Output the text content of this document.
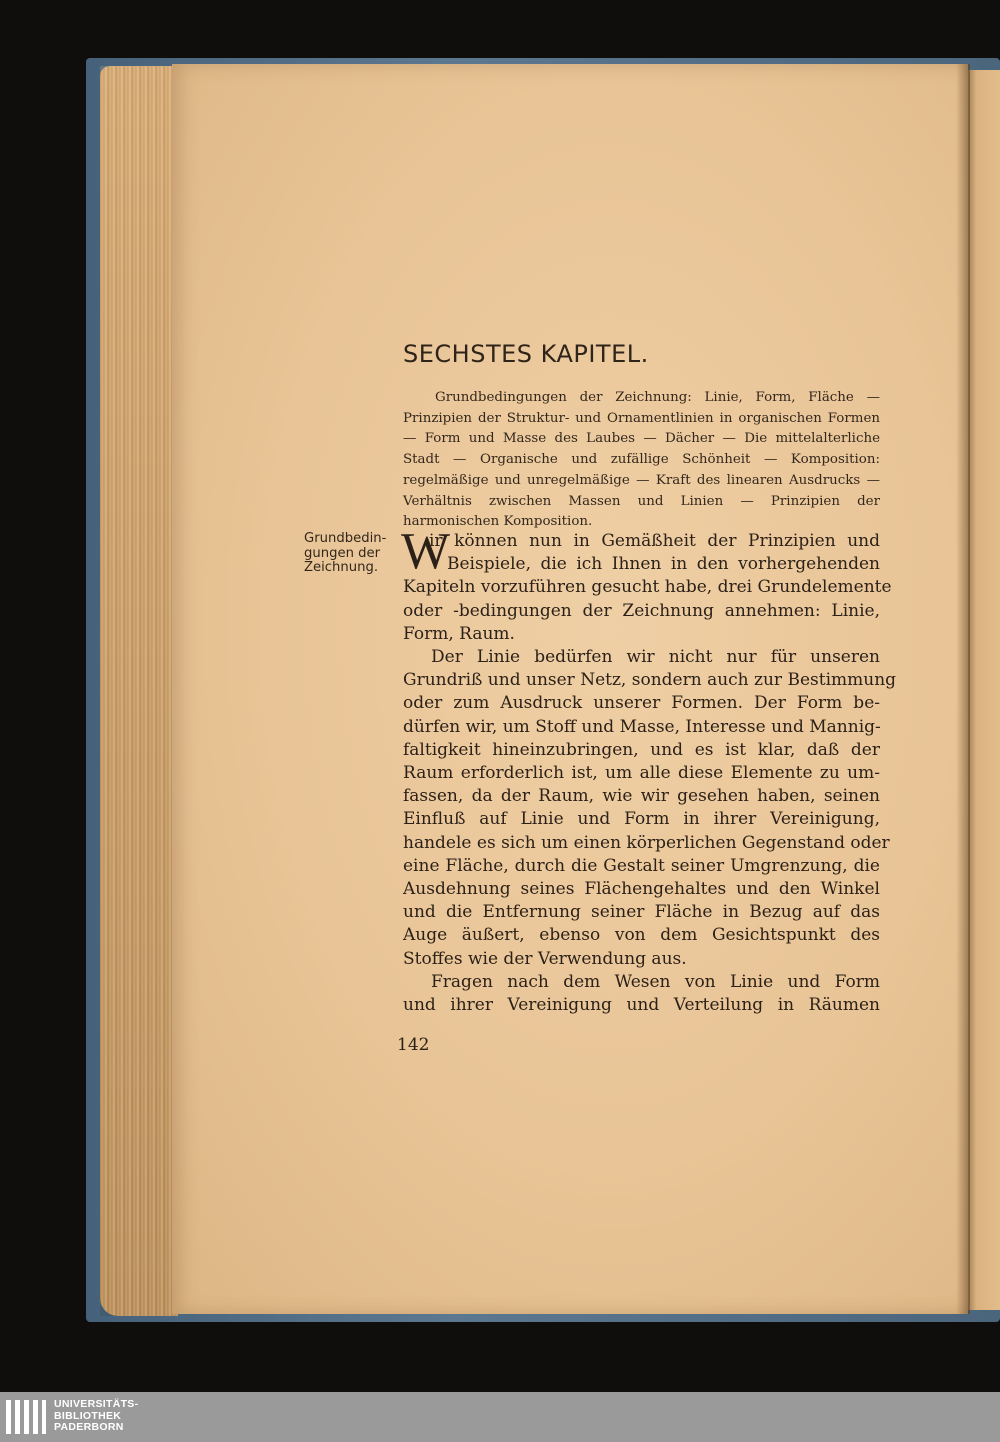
SECHSTES KAPITEL.
Grundbedingungen der Zeichnung: Linie, Form, Fläche — Prinzipien der Struktur- und Ornamentlinien in organischen Formen — Form und Masse des Laubes — Dächer — Die mittelalterliche Stadt — Organische und zufällige Schönheit — Komposition: regelmäßige und unregelmäßige — Kraft des linearen Ausdrucks — Verhältnis zwischen Massen und Linien — Prinzipien der harmonischen Komposition.
Grundbedin-
gungen der
Zeichnung. W
ir können nun in Gemäßheit der Prinzipien und
Beispiele, die ich Ihnen in den vorhergehenden
Kapiteln vorzuführen gesucht habe, drei Grundelemente
oder -bedingungen der Zeichnung annehmen: Linie,
Form, Raum.
Der Linie bedürfen wir nicht nur für unseren
Grundriß und unser Netz, sondern auch zur Bestimmung
oder zum Ausdruck unserer Formen. Der Form be-
dürfen wir, um Stoff und Masse, Interesse und Mannig-
faltigkeit hineinzubringen, und es ist klar, daß der
Raum erforderlich ist, um alle diese Elemente zu um-
fassen, da der Raum, wie wir gesehen haben, seinen
Einfluß auf Linie und Form in ihrer Vereinigung,
handele es sich um einen körperlichen Gegenstand oder
eine Fläche, durch die Gestalt seiner Umgrenzung, die
Ausdehnung seines Flächengehaltes und den Winkel
und die Entfernung seiner Fläche in Bezug auf das
Auge äußert, ebenso von dem Gesichtspunkt des
Stoffes wie der Verwendung aus.
Fragen nach dem Wesen von Linie und Form
und ihrer Vereinigung und Verteilung in Räumen
142
UNIVERSITÄTS-
BIBLIOTHEK
PADERBORN
